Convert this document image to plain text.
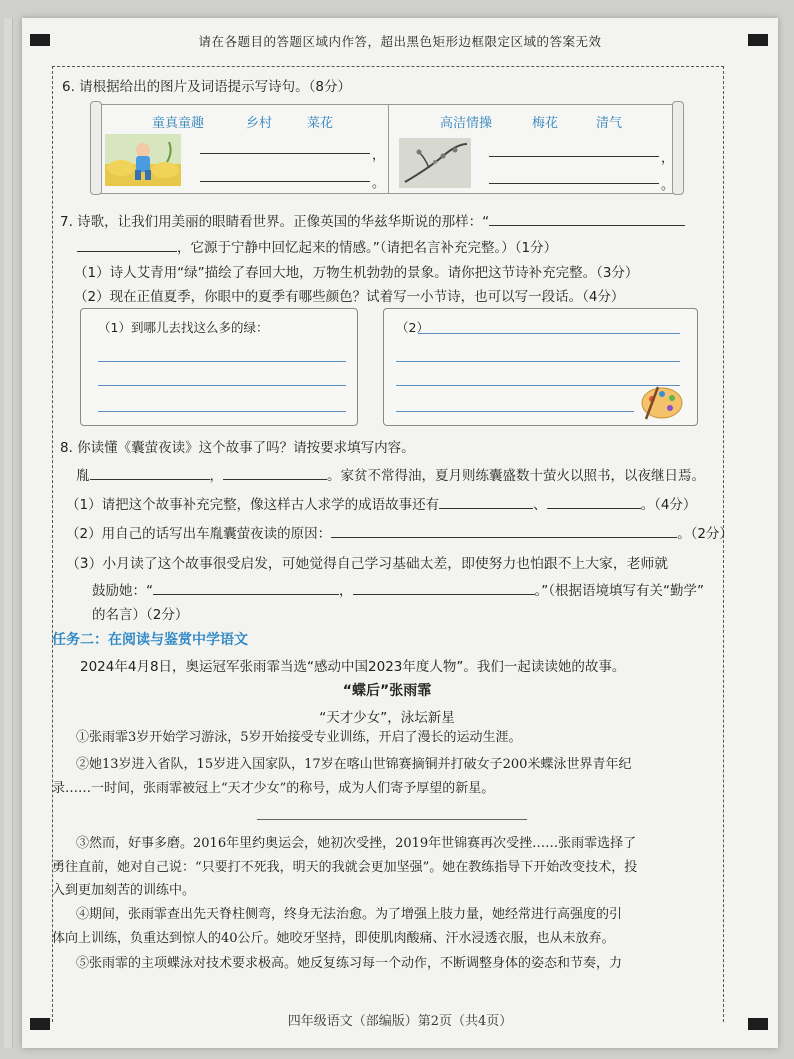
请在各题目的答题区域内作答，超出黑色矩形边框限定区域的答案无效
6. 请根据给出的图片及词语提示写诗句。（8分）
童真童趣	乡村	菜花	高洁情操	梅花	清气
，
。
，
。
7. 诗歌，让我们用美丽的眼睛看世界。正像英国的华兹华斯说的那样：“
，它源于宁静中回忆起来的情感。”（请把名言补充完整。）（1分）
（1）诗人艾青用“绿”描绘了春回大地，万物生机勃勃的景象。请你把这节诗补充完整。（3分）
（2）现在正值夏季，你眼中的夏季有哪些颜色？试着写一小节诗，也可以写一段话。（4分）
（1）到哪儿去找这么多的绿：	（2）
8. 你读懂《囊萤夜读》这个故事了吗？请按要求填写内容。
胤	，	。家贫不常得油，夏月则练囊盛数十萤火以照书，以夜继日焉。
（1）请把这个故事补充完整，像这样古人求学的成语故事还有	、	。（4分）
（2）用自己的话写出车胤囊萤夜读的原因：	。（2分）
（3）小月读了这个故事很受启发，可她觉得自己学习基础太差，即使努力也怕跟不上大家，老师就
鼓励她：“	，	。”（根据语境填写有关“勤学”
的名言）（2分）
任务二：在阅读与鉴赏中学语文
2024年4月8日，奥运冠军张雨霏当选“感动中国2023年度人物”。我们一起读读她的故事。
“蝶后”张雨霏
“天才少女”，泳坛新星
①张雨霏3岁开始学习游泳，5岁开始接受专业训练，开启了漫长的运动生涯。
②她13岁进入省队，15岁进入国家队，17岁在喀山世锦赛摘铜并打破女子200米蝶泳世界青年纪
录……一时间，张雨霏被冠上“天才少女”的称号，成为人们寄予厚望的新星。
③然而，好事多磨。2016年里约奥运会，她初次受挫，2019年世锦赛再次受挫……张雨霏选择了
勇往直前，她对自己说：“只要打不死我，明天的我就会更加坚强”。她在教练指导下开始改变技术，投
入到更加刻苦的训练中。
④期间，张雨霏查出先天脊柱侧弯，终身无法治愈。为了增强上肢力量，她经常进行高强度的引
体向上训练，负重达到惊人的40公斤。她咬牙坚持，即使肌肉酸痛、汗水浸透衣服，也从未放弃。
⑤张雨霏的主项蝶泳对技术要求极高。她反复练习每一个动作，不断调整身体的姿态和节奏，力
四年级语文（部编版）第2页（共4页）
